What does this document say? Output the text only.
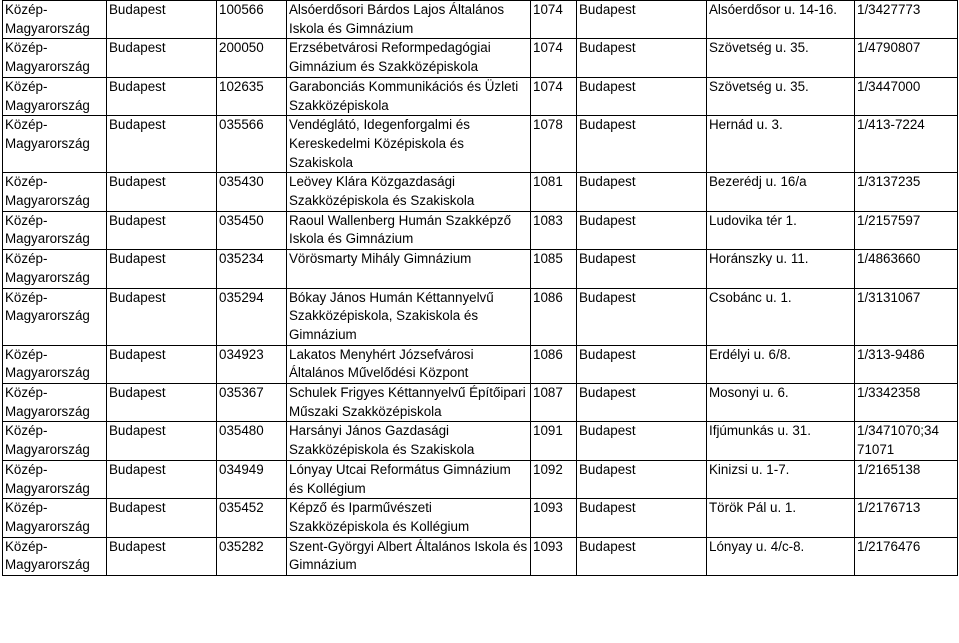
Közép-Magyarország	Budapest	100566	Alsóerdősori Bárdos Lajos Általános Iskola és Gimnázium	1074	Budapest	Alsóerdősor u. 14-16.	1/3427773
Közép-Magyarország	Budapest	200050	Erzsébetvárosi Reformpedagógiai Gimnázium és Szakközépiskola	1074	Budapest	Szövetség u. 35.	1/4790807
Közép-Magyarország	Budapest	102635	Garabonciás Kommunikációs és Üzleti Szakközépiskola	1074	Budapest	Szövetség u. 35.	1/3447000
Közép-Magyarország	Budapest	035566	Vendéglátó, Idegenforgalmi és Kereskedelmi Középiskola és Szakiskola	1078	Budapest	Hernád u. 3.	1/413-7224
Közép-Magyarország	Budapest	035430	Leövey Klára Közgazdasági Szakközépiskola és Szakiskola	1081	Budapest	Bezerédj u. 16/a	1/3137235
Közép-Magyarország	Budapest	035450	Raoul Wallenberg Humán Szakképző Iskola és Gimnázium	1083	Budapest	Ludovika tér 1.	1/2157597
Közép-Magyarország	Budapest	035234	Vörösmarty Mihály Gimnázium	1085	Budapest	Horánszky u. 11.	1/4863660
Közép-Magyarország	Budapest	035294	Bókay János Humán Kéttannyelvű Szakközépiskola, Szakiskola és Gimnázium	1086	Budapest	Csobánc u. 1.	1/3131067
Közép-Magyarország	Budapest	034923	Lakatos Menyhért Józsefvárosi Általános Művelődési Központ	1086	Budapest	Erdélyi u. 6/8.	1/313-9486
Közép-Magyarország	Budapest	035367	Schulek Frigyes Kéttannyelvű Építőipari Műszaki Szakközépiskola	1087	Budapest	Mosonyi u. 6.	1/3342358
Közép-Magyarország	Budapest	035480	Harsányi János Gazdasági Szakközépiskola és Szakiskola	1091	Budapest	Ifjúmunkás u. 31.	1/3471070;34 71071
Közép-Magyarország	Budapest	034949	Lónyay Utcai Református Gimnázium és Kollégium	1092	Budapest	Kinizsi u. 1-7.	1/2165138
Közép-Magyarország	Budapest	035452	Képző és Iparművészeti Szakközépiskola és Kollégium	1093	Budapest	Török Pál u. 1.	1/2176713
Közép-Magyarország	Budapest	035282	Szent-Györgyi Albert Általános Iskola és Gimnázium	1093	Budapest	Lónyay u. 4/c-8.	1/2176476
